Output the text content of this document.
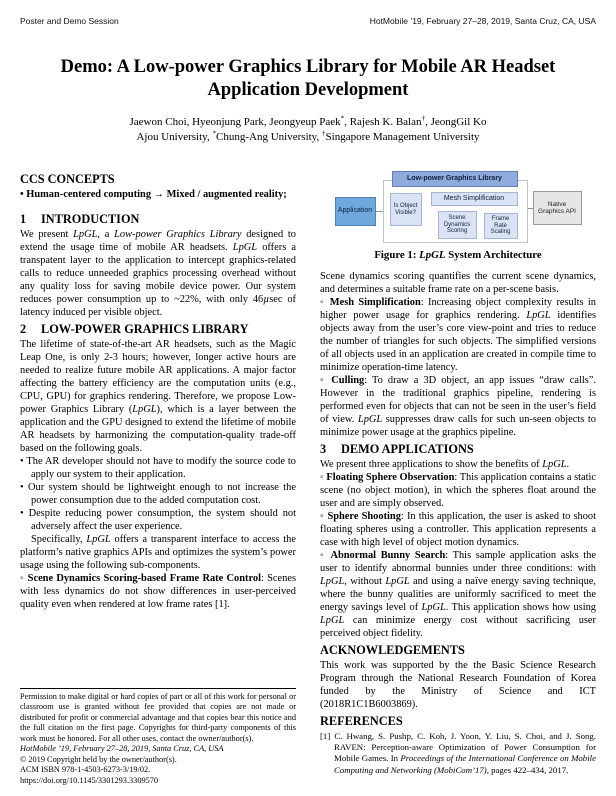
Poster and Demo Session	HotMobile ’19, February 27–28, 2019, Santa Cruz, CA, USA
Demo: A Low-power Graphics Library for Mobile AR Headset
Application Development
Jaewon Choi, Hyeonjung Park, Jeongyeup Paek*, Rajesh K. Balan†, JeongGil Ko
Ajou University, *Chung-Ang University, †Singapore Management University
CCS CONCEPTS

• Human-centered computing → Mixed / augmented reality;

1 INTRODUCTION

We present LpGL, a Low-power Graphics Library designed to extend the usage time of mobile AR headsets. LpGL offers a transpatent layer to the application to intercept graphics-related calls to reduce unneeded graphics processing overhead without any quality loss for saving mobile device power. Our system reduces power consumption up to ~22%, with only 46µsec of latency induced per visible object.

2 LOW-POWER GRAPHICS LIBRARY

The lifetime of state-of-the-art AR headsets, such as the Magic Leap One, is only 2-3 hours; however, longer active hours are needed to realize future mobile AR applications. A major factor affecting the battery efficiency are the computation units (e.g., CPU, GPU) for graphics rendering. Therefore, we propose Low-power Graphics Library (LpGL), which is a layer between the application and the GPU designed to extend the lifetime of mobile AR headsets by harmonizing the computation-quality trade-off based on the following goals.

• The AR developer should not have to modify the source code to apply our system to their application.

• Our system should be lightweight enough to not increase the power consumption due to the added computation cost.

• Despite reducing power consumption, the system should not adversely affect the user experience.

Specifically, LpGL offers a transparent interface to access the platform’s native graphics APIs and optimizes the system’s power usage using the following sub-components.

◦ Scene Dynamics Scoring-based Frame Rate Control: Scenes with less dynamics do not show differences in user-perceived quality even when rendered at low frame rates [1].

Permission to make digital or hard copies of part or all of this work for personal or classroom use is granted without fee provided that copies are not made or distributed for profit or commercial advantage and that copies bear this notice and the full citation on the first page. Copyrights for third-party components of this work must be honored. For all other uses, contact the owner/author(s).

HotMobile ’19, February 27–28, 2019, Santa Cruz, CA, USA

© 2019 Copyright held by the owner/author(s).

ACM ISBN 978-1-4503-6273-3/19/02.

https://doi.org/10.1145/3301293.3309570

Application
Low-power Graphics Library
Is Object Visible?
Mesh Simplification
Scene Dynamics Scoring
Frame Rate Scaling
Native Graphics API
Figure 1: LpGL System Architecture

Scene dynamics scoring quantifies the current scene dynamics, and determines a suitable frame rate on a per-scene basis.

◦ Mesh Simplification: Increasing object complexity results in higher power usage for graphics rendering. LpGL identifies objects away from the user’s core view-point and tries to reduce the number of triangles for such objects. The simplified versions of all objects used in an application are created in compile time to minimize operation-time latency.

◦ Culling: To draw a 3D object, an app issues “draw calls”. However in the traditional graphics pipeline, rendering is performed even for objects that can not be seen in the user’s field of view. LpGL suppresses draw calls for such un-seen objects to minimize power usage at the graphics pipeline.

3 DEMO APPLICATIONS

We present three applications to show the benefits of LpGL.

◦ Floating Sphere Observation: This application contains a static scene (no object motion), in which the spheres float around the user and are simply observed.

◦ Sphere Shooting: In this application, the user is asked to shoot floating spheres using a controller. This application represents a case with high level of object motion dynamics.

◦ Abnormal Bunny Search: This sample application asks the user to identify abnormal bunnies under three conditions: with LpGL, without LpGL and using a naïve energy saving technique, where the bunny qualities are uniformly sacrificed to meet the energy savings level of LpGL. This application shows how using LpGL can minimize energy cost without sacrificing user perceived object fidelity.

ACKNOWLEDGEMENTS

This work was supported by the the Basic Science Research Program through the National Research Foundation of Korea funded by the Ministry of Science and ICT (2018R1C1B6003869).

REFERENCES

[1] C. Hwang, S. Pushp, C. Koh, J. Yoon, Y. Liu, S. Choi, and J. Song. RAVEN: Perception-aware Optimization of Power Consumption for Mobile Games. In Proceedings of the International Conference on Mobile Computing and Networking (MobiCom’17), pages 422–434, 2017.
